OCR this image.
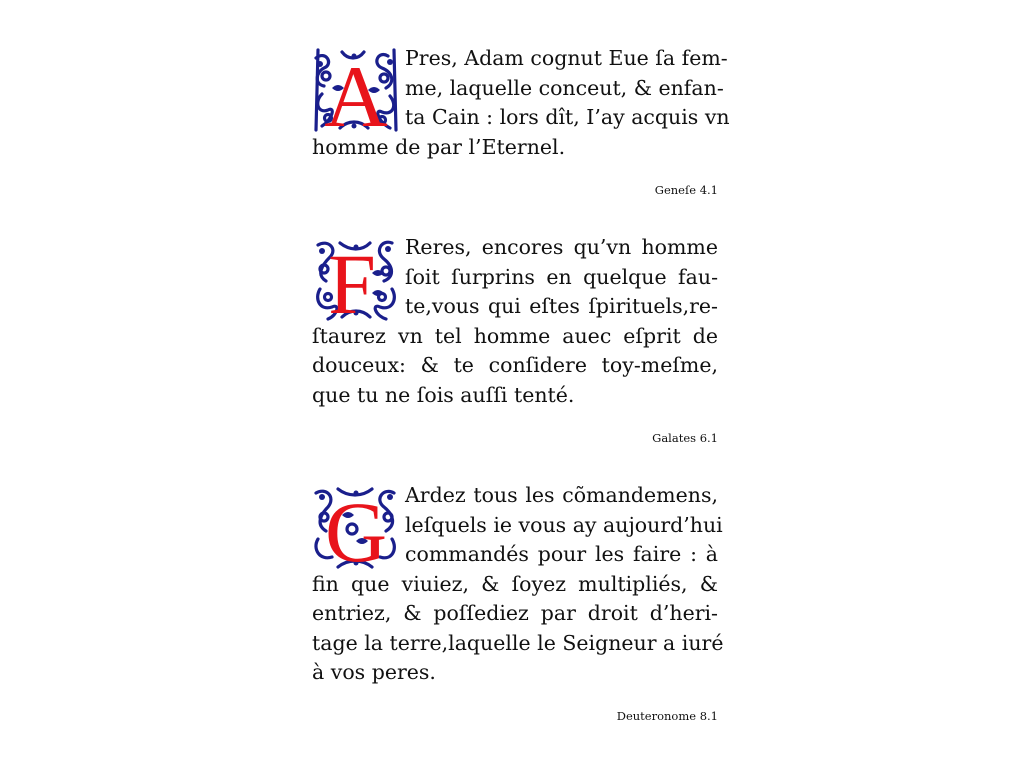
A Pres, Adam cognut Eue ſa fem-
me, laquelle conceut, & enfan-
ta Cain : lors dît, I’ay acquis vn
homme de par l’Eternel.

Geneſe 4.1
F	Reres, encores qu’vn homme
ſoit ſurprins en quelque fau-
te,vous qui eſtes ſpirituels,re-
ſtaurez vn tel homme auec eſprit de
douceux: & te conſidere toy-meſme,
que tu ne ſois auſſi tenté.

Galates 6.1
G Ardez tous les cõmandemens,
leſquels ie vous ay aujourd’hui
commandés pour les faire : à
ﬁn que viuiez, & ſoyez multipliés, &
entriez, & poſſediez par droit d’heri-
tage la terre,laquelle le Seigneur a iuré
à vos peres.

Deuteronome 8.1
